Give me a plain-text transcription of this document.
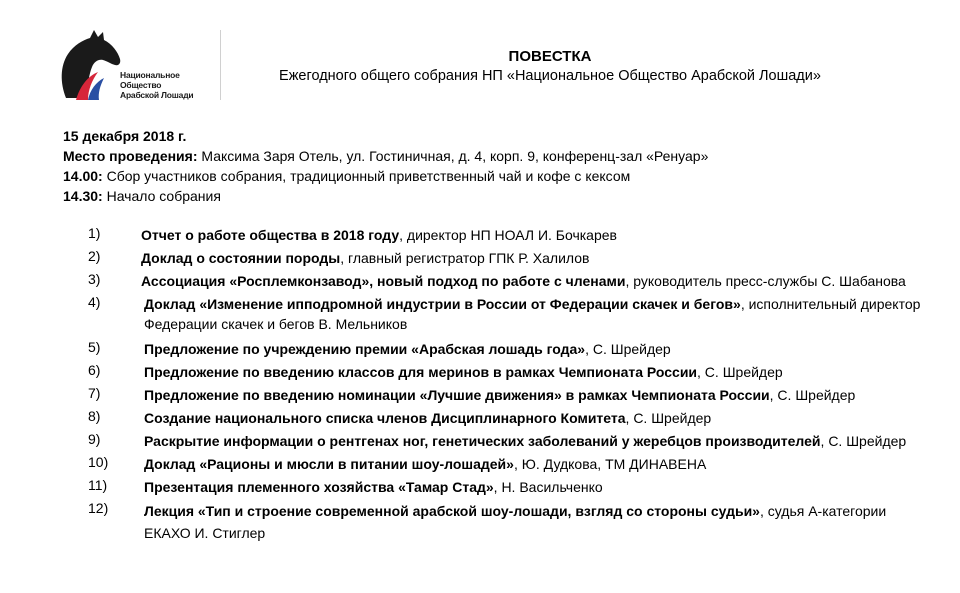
Национальное Общество
Арабской Лошади
ПОВЕСТКА
Ежегодного общего собрания НП «Национальное Общество Арабской Лошади»
15 декабря 2018 г.
Место проведения: Максима Заря Отель, ул. Гостиничная, д. 4, корп. 9, конференц-зал «Ренуар»
14.00: Сбор участников собрания, традиционный приветственный чай и кофе с кексом
14.30: Начало собрания
1)	Отчет о работе общества в 2018 году, директор НП НОАЛ И. Бочкарев
2)	Доклад о состоянии породы, главный регистратор ГПК Р. Халилов
3)	Ассоциация «Росплемконзавод», новый подход по работе с членами, руководитель пресс-службы С. Шабанова
4)	Доклад «Изменение ипподромной индустрии в России от Федерации скачек и бегов», исполнительный директор Федерации скачек и бегов В. Мельников
5)	Предложение по учреждению премии «Арабская лошадь года», С. Шрейдер
6)	Предложение по введению классов для меринов в рамках Чемпионата России, С. Шрейдер
7)	Предложение по введению номинации «Лучшие движения» в рамках Чемпионата России, С. Шрейдер
8)	Создание национального списка членов Дисциплинарного Комитета, С. Шрейдер
9)	Раскрытие информации о рентгенах ног, генетических заболеваний у жеребцов производителей, С. Шрейдер
10)	Доклад «Рационы и мюсли в питании шоу-лошадей», Ю. Дудкова, ТМ ДИНАВЕНА
11)	Презентация племенного хозяйства «Тамар Стад», Н. Васильченко
12)	Лекция «Тип и строение современной арабской шоу-лошади, взгляд со стороны судьи», судья А-категории ЕКАХО И. Стиглер
